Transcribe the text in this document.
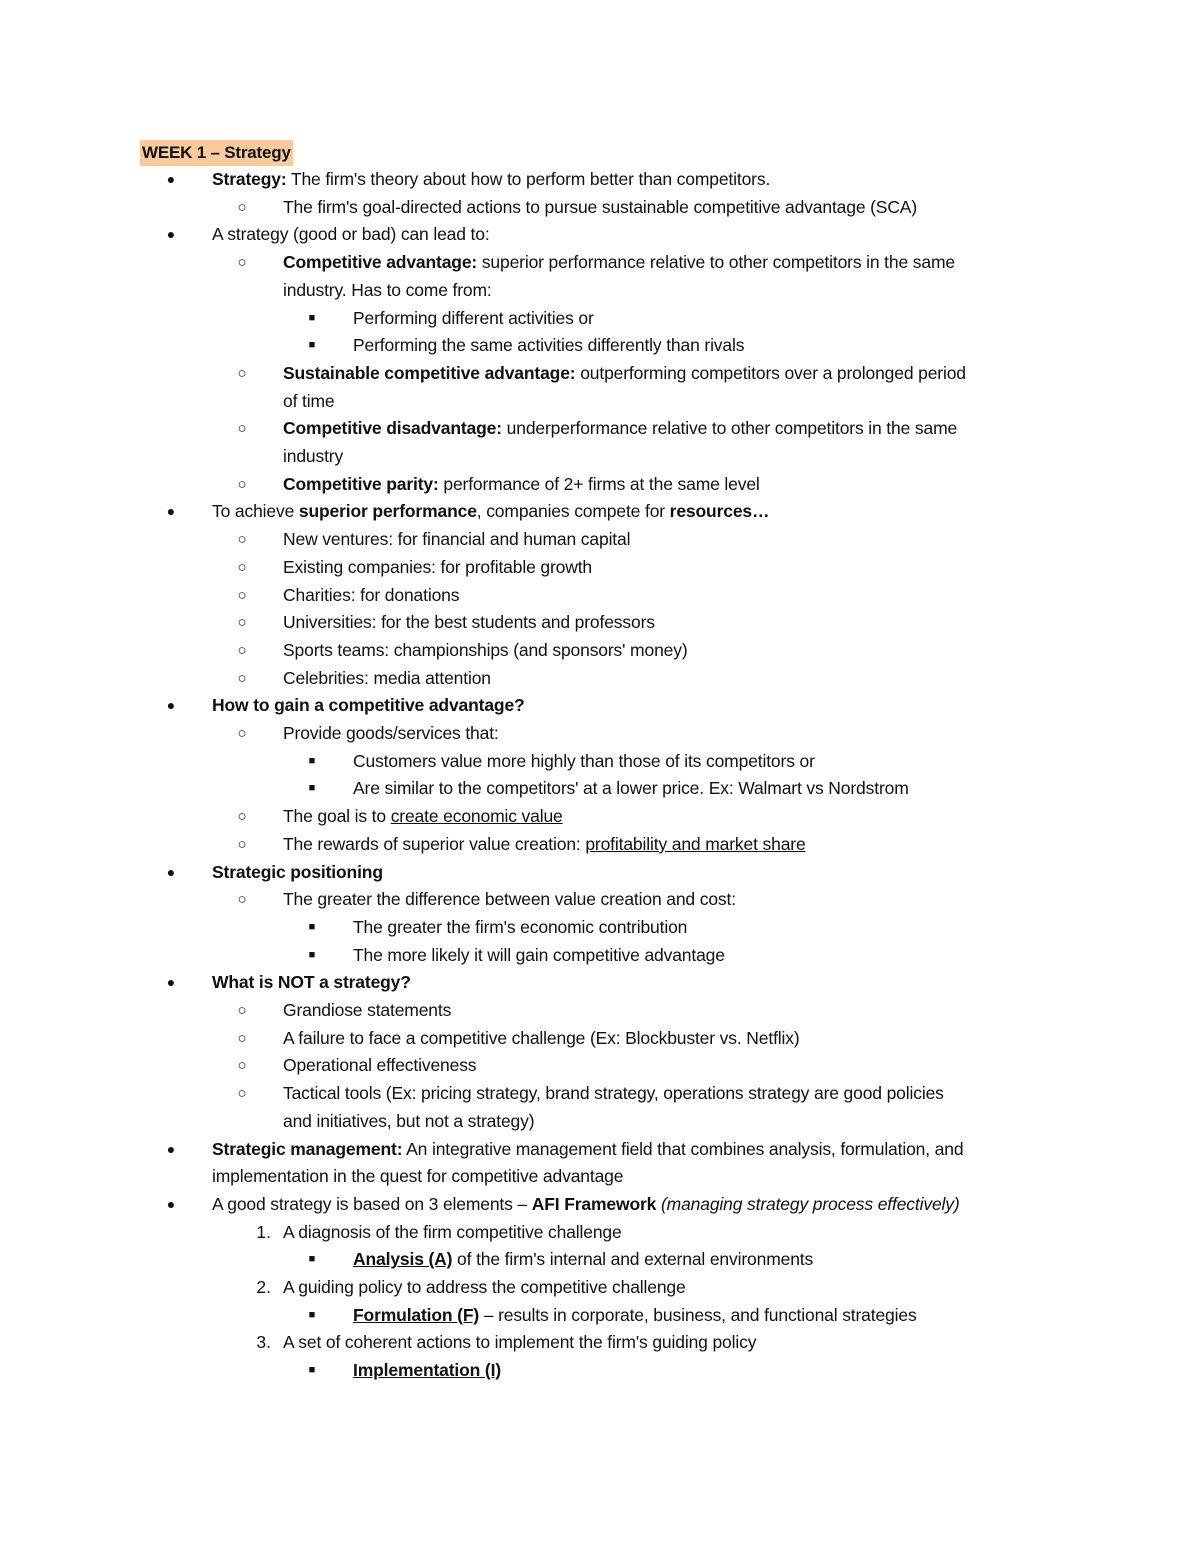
WEEK 1 – Strategy
Strategy: The firm's theory about how to perform better than competitors.
●
The firm's goal-directed actions to pursue sustainable competitive advantage (SCA)
○
A strategy (good or bad) can lead to:
●
Competitive advantage: superior performance relative to other competitors in the same
○
industry. Has to come from:
Performing different activities or
■
Performing the same activities differently than rivals
■
Sustainable competitive advantage: outperforming competitors over a prolonged period
○
of time
Competitive disadvantage: underperformance relative to other competitors in the same
○
industry
Competitive parity: performance of 2+ firms at the same level
○
To achieve superior performance, companies compete for resources…
●
New ventures: for financial and human capital
○
Existing companies: for profitable growth
○
Charities: for donations
○
Universities: for the best students and professors
○
Sports teams: championships (and sponsors' money)
○
Celebrities: media attention
○
How to gain a competitive advantage?
●
Provide goods/services that:
○
Customers value more highly than those of its competitors or
■
Are similar to the competitors' at a lower price. Ex: Walmart vs Nordstrom
■
The goal is to create economic value
○
The rewards of superior value creation: profitability and market share
○
Strategic positioning
●
The greater the difference between value creation and cost:
○
The greater the firm's economic contribution
■
The more likely it will gain competitive advantage
■
What is NOT a strategy?
●
Grandiose statements
○
A failure to face a competitive challenge (Ex: Blockbuster vs. Netflix)
○
Operational effectiveness
○
Tactical tools (Ex: pricing strategy, brand strategy, operations strategy are good policies
○
and initiatives, but not a strategy)
Strategic management: An integrative management field that combines analysis, formulation, and
●
implementation in the quest for competitive advantage
A good strategy is based on 3 elements – AFI Framework (managing strategy process effectively)
●
A diagnosis of the firm competitive challenge
1.
Analysis (A) of the firm's internal and external environments
■
A guiding policy to address the competitive challenge
2.
Formulation (F) – results in corporate, business, and functional strategies
■
A set of coherent actions to implement the firm's guiding policy
3.
Implementation (I)
■
